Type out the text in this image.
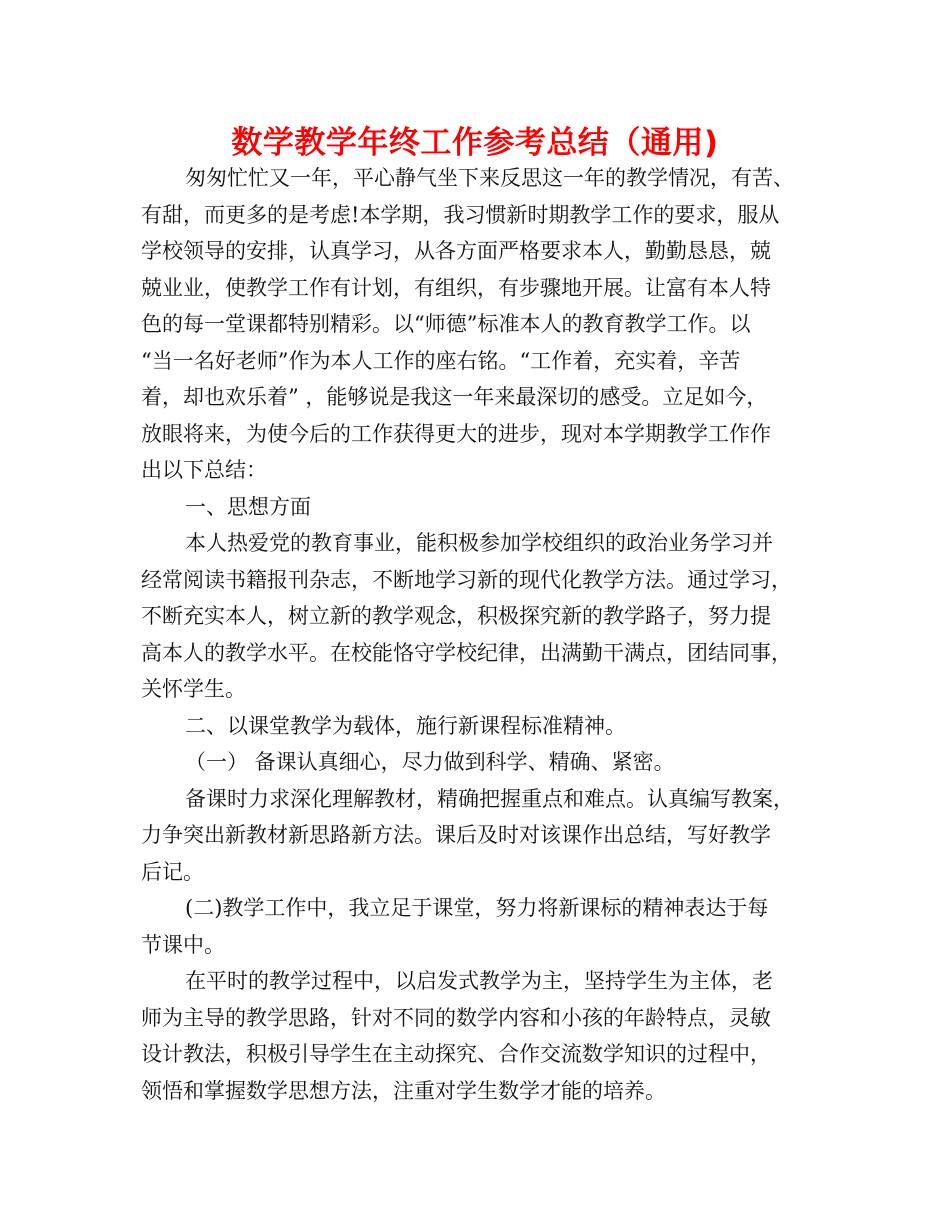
数学教学年终工作参考总结（通用)
匆匆忙忙又一年，平心静气坐下来反思这一年的教学情况，有苦、
有甜，而更多的是考虑!本学期，我习惯新时期教学工作的要求，服从
学校领导的安排，认真学习，从各方面严格要求本人，勤勤恳恳，兢
兢业业，使教学工作有计划，有组织，有步骤地开展。让富有本人特
色的每一堂课都特别精彩。以“师德”标准本人的教育教学工作。以
“当一名好老师”作为本人工作的座右铭。“工作着，充实着，辛苦
着，却也欢乐着” ，能够说是我这一年来最深切的感受。立足如今，
放眼将来，为使今后的工作获得更大的进步，现对本学期教学工作作
出以下总结：
一、思想方面
本人热爱党的教育事业，能积极参加学校组织的政治业务学习并
经常阅读书籍报刊杂志，不断地学习新的现代化教学方法。通过学习，
不断充实本人，树立新的教学观念，积极探究新的教学路子，努力提
高本人的教学水平。在校能恪守学校纪律，出满勤干满点，团结同事，
关怀学生。
二、以课堂教学为载体，施行新课程标准精神。
（一） 备课认真细心，尽力做到科学、精确、紧密。
备课时力求深化理解教材，精确把握重点和难点。认真编写教案，
力争突出新教材新思路新方法。课后及时对该课作出总结，写好教学
后记。
(二)教学工作中，我立足于课堂，努力将新课标的精神表达于每
节课中。
在平时的教学过程中，以启发式教学为主，坚持学生为主体，老
师为主导的教学思路，针对不同的数学内容和小孩的年龄特点，灵敏
设计教法，积极引导学生在主动探究、合作交流数学知识的过程中，
领悟和掌握数学思想方法，注重对学生数学才能的培养。
